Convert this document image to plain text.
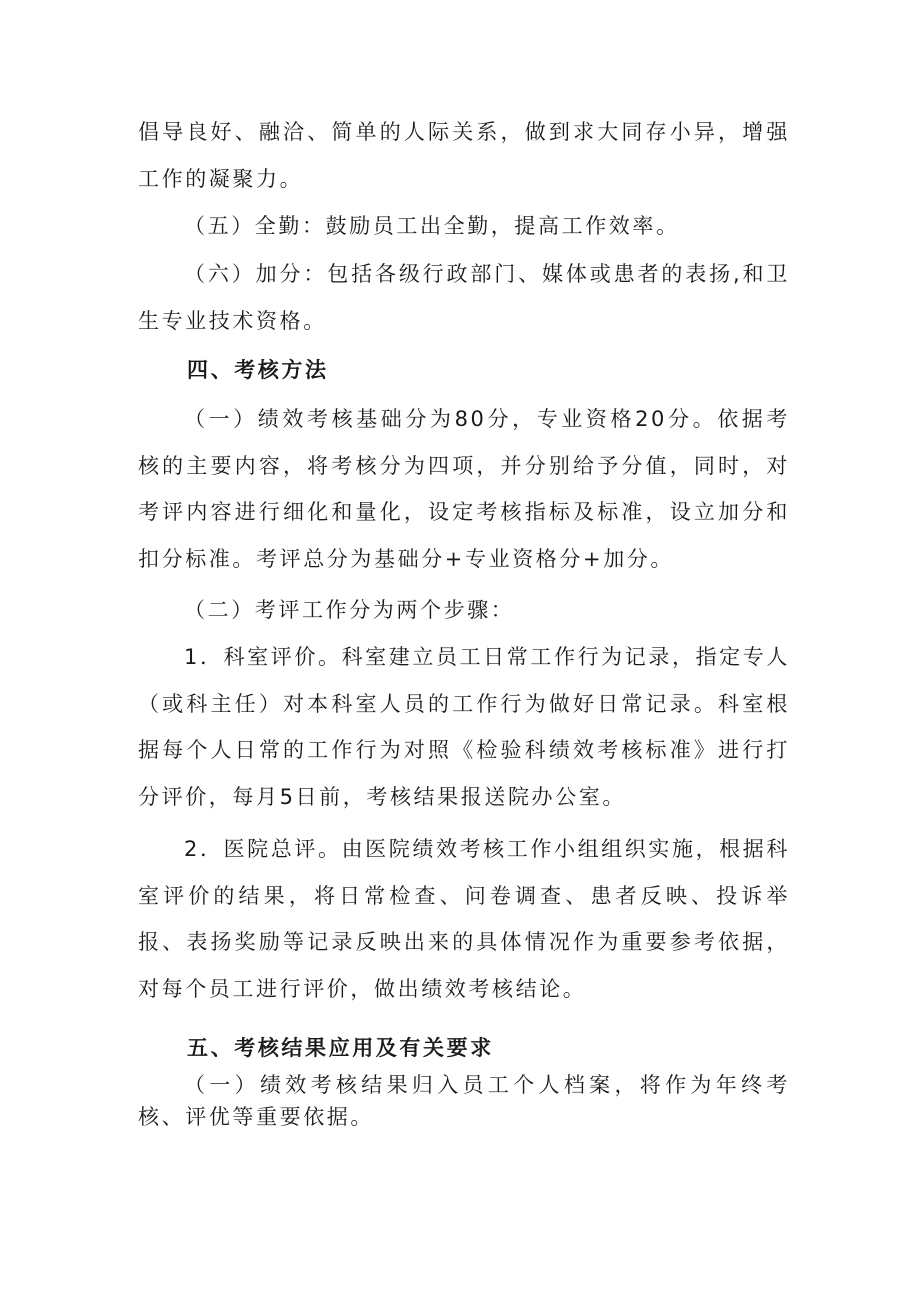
倡导良好、融洽、简单的人际关系，做到求大同存小异，增强工作的凝聚力。

（五）全勤：鼓励员工出全勤，提高工作效率。

（六）加分：包括各级行政部门、媒体或患者的表扬,和卫生专业技术资格。

四、考核方法

（一）绩效考核基础分为80分，专业资格20分。依据考核的主要内容，将考核分为四项，并分别给予分值，同时，对考评内容进行细化和量化，设定考核指标及标准，设立加分和扣分标准。考评总分为基础分+专业资格分+加分。

（二）考评工作分为两个步骤：

1．科室评价。科室建立员工日常工作行为记录，指定专人（或科主任）对本科室人员的工作行为做好日常记录。科室根据每个人日常的工作行为对照《检验科绩效考核标准》进行打分评价，每月5日前，考核结果报送院办公室。

2．医院总评。由医院绩效考核工作小组组织实施，根据科室评价的结果，将日常检查、问卷调查、患者反映、投诉举报、表扬奖励等记录反映出来的具体情况作为重要参考依据，对每个员工进行评价，做出绩效考核结论。

五、考核结果应用及有关要求

（一）绩效考核结果归入员工个人档案，将作为年终考核、评优等重要依据。
